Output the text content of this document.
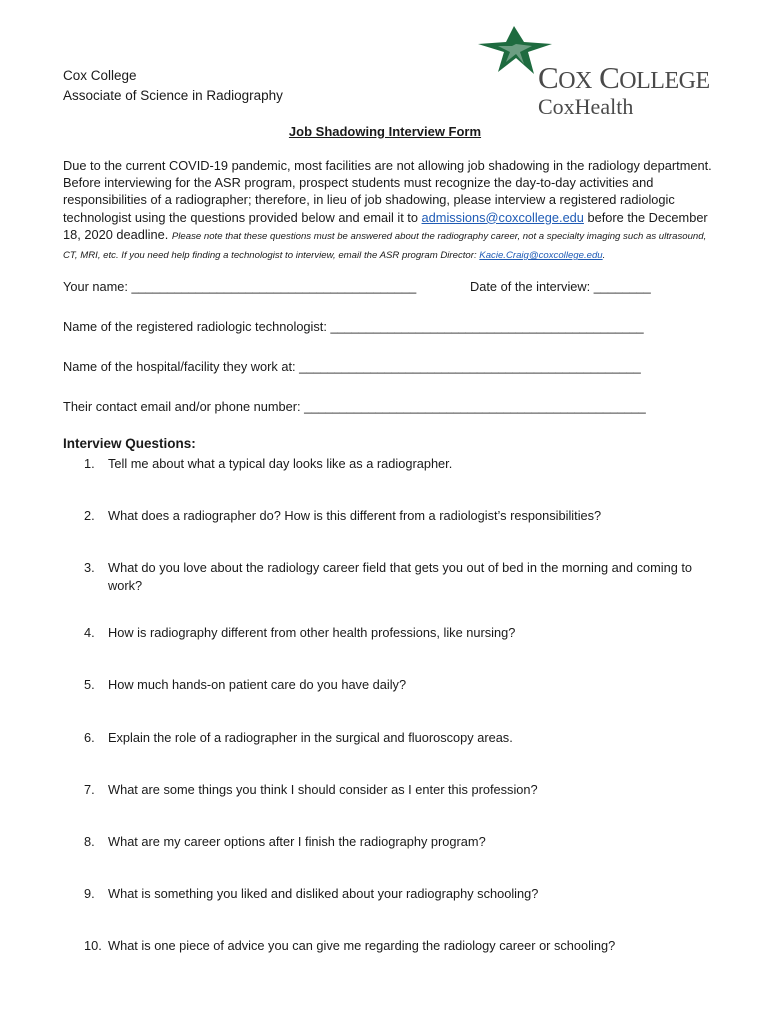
Cox College
Associate of Science in Radiography
COX COLLEGE
CoxHealth
Job Shadowing Interview Form
Due to the current COVID-19 pandemic, most facilities are not allowing job shadowing in the radiology department. Before interviewing for the ASR program, prospect students must recognize the day-to-day activities and responsibilities of a radiographer; therefore, in lieu of job shadowing, please interview a registered radiologic technologist using the questions provided below and email it to admissions@coxcollege.edu before the December 18, 2020 deadline. Please note that these questions must be answered about the radiography career, not a specialty imaging such as ultrasound, CT, MRI, etc. If you need help finding a technologist to interview, email the ASR program Director: Kacie.Craig@coxcollege.edu.
Your name: ________________________________________	Date of the interview: ________
Name of the registered radiologic technologist: ____________________________________________
Name of the hospital/facility they work at: ________________________________________________
Their contact email and/or phone number: ________________________________________________
Interview Questions:
1.	Tell me about what a typical day looks like as a radiographer.
2.	What does a radiographer do? How is this different from a radiologist’s responsibilities?
3.	What do you love about the radiology career field that gets you out of bed in the morning and coming to work?
4.	How is radiography different from other health professions, like nursing?
5.	How much hands-on patient care do you have daily?
6.	Explain the role of a radiographer in the surgical and fluoroscopy areas.
7.	What are some things you think I should consider as I enter this profession?
8.	What are my career options after I finish the radiography program?
9.	What is something you liked and disliked about your radiography schooling?
10. What is one piece of advice you can give me regarding the radiology career or schooling?
